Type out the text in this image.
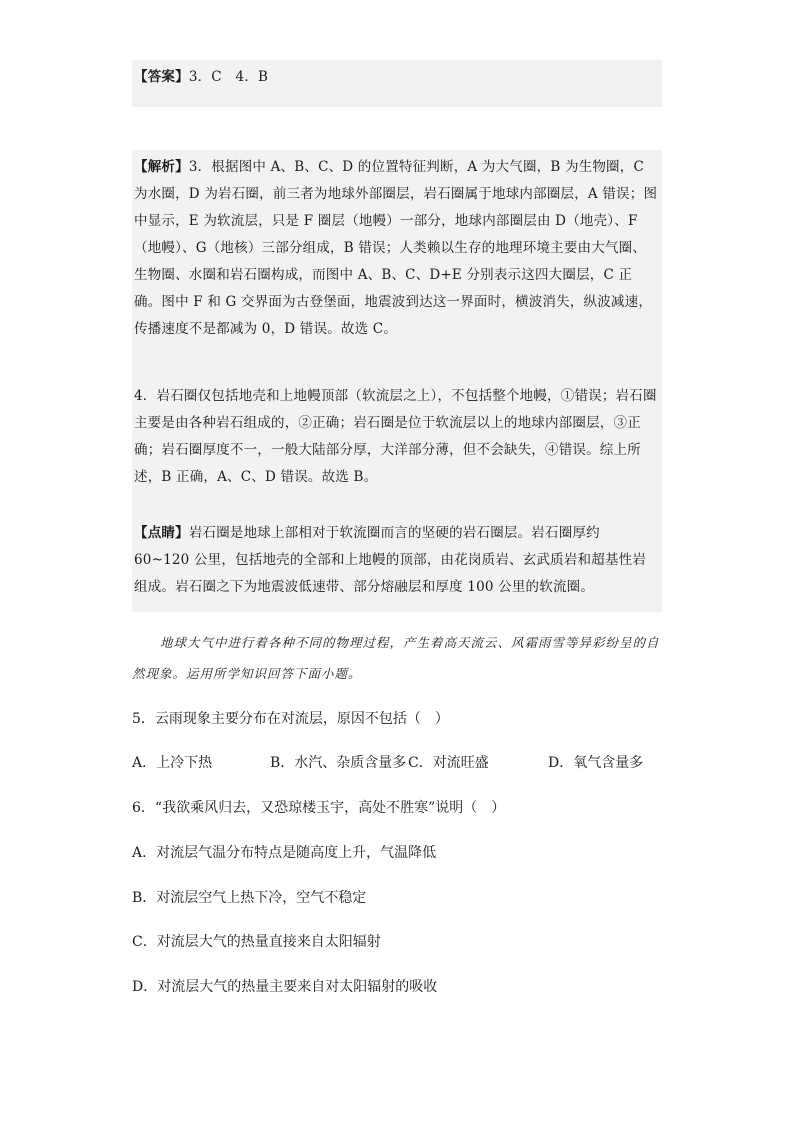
【答案】3．C　4．B

【解析】3．根据图中 A、B、C、D 的位置特征判断，A 为大气圈，B 为生物圈，C 为水圈，D 为岩石圈，前三者为地球外部圈层，岩石圈属于地球内部圈层，A 错误；图中显示，E 为软流层，只是 F 圈层（地幔）一部分，地球内部圈层由 D（地壳）、F（地幔）、G（地核）三部分组成，B 错误；人类赖以生存的地理环境主要由大气圈、生物圈、水圈和岩石圈构成，而图中 A、B、C、D+E 分别表示这四大圈层，C 正确。图中 F 和 G 交界面为古登堡面，地震波到达这一界面时，横波消失，纵波减速，传播速度不是都减为 0，D 错误。故选 C。

4．岩石圈仅包括地壳和上地幔顶部（软流层之上），不包括整个地幔，①错误；岩石圈主要是由各种岩石组成的，②正确；岩石圈是位于软流层以上的地球内部圈层，③正确；岩石圈厚度不一，一般大陆部分厚，大洋部分薄，但不会缺失，④错误。综上所述，B 正确，A、C、D 错误。故选 B。

【点睛】岩石圈是地球上部相对于软流圈而言的坚硬的岩石圈层。岩石圈厚约 60~120 公里，包括地壳的全部和上地幔的顶部，由花岗质岩、玄武质岩和超基性岩组成。岩石圈之下为地震波低速带、部分熔融层和厚度 100 公里的软流圈。

地球大气中进行着各种不同的物理过程，产生着高天流云、风霜雨雪等异彩纷呈的自然现象。运用所学知识回答下面小题。

5．云雨现象主要分布在对流层，原因不包括（　）
A．上冷下热	B．水汽、杂质含量多 C．对流旺盛	D．氧气含量多
6．“我欲乘风归去，又恐琼楼玉宇，高处不胜寒”说明（　）
A．对流层气温分布特点是随高度上升，气温降低
B．对流层空气上热下冷，空气不稳定
C．对流层大气的热量直接来自太阳辐射
D．对流层大气的热量主要来自对太阳辐射的吸收
